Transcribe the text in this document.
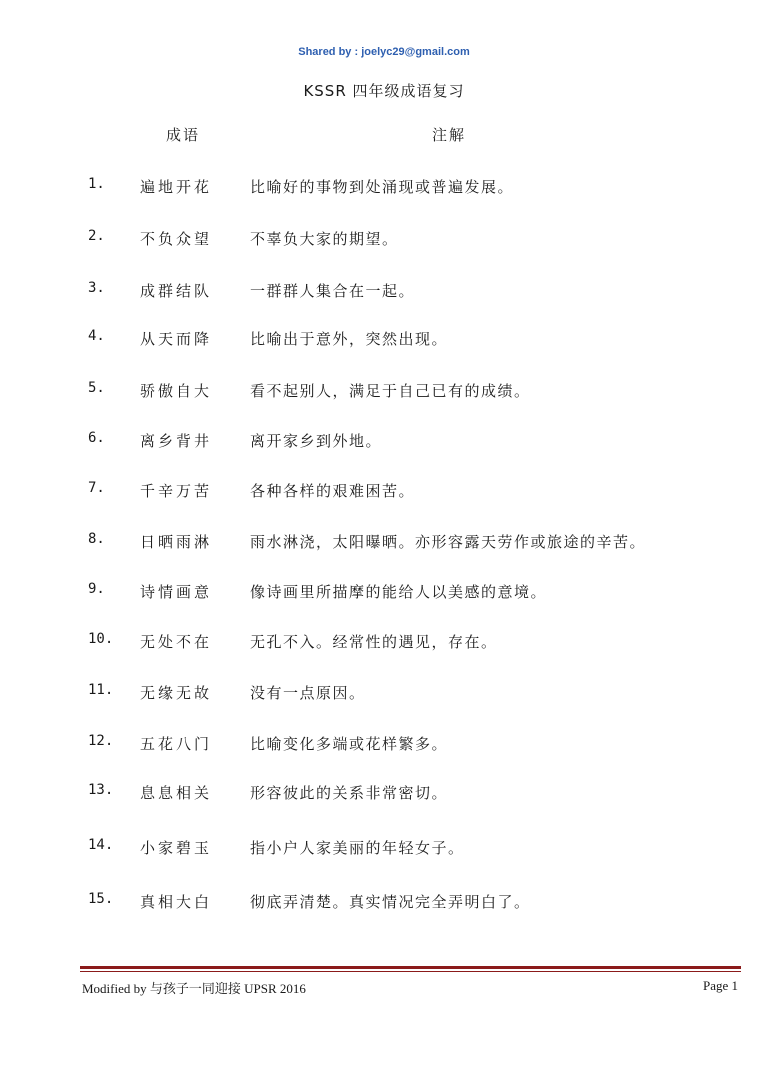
Shared by : joelyc29@gmail.com
KSSR 四年级成语复习
成语	注解
1. 遍地开花	比喻好的事物到处涌现或普遍发展。
2. 不负众望	不辜负大家的期望。
3. 成群结队	一群群人集合在一起。
4. 从天而降	比喻出于意外，突然出现。
5. 骄傲自大	看不起别人，满足于自己已有的成绩。
6. 离乡背井	离开家乡到外地。
7. 千辛万苦	各种各样的艰难困苦。
8. 日晒雨淋	雨水淋浇，太阳曝晒。亦形容露天劳作或旅途的辛苦。
9. 诗情画意	像诗画里所描摩的能给人以美感的意境。
10. 无处不在	无孔不入。经常性的遇见，存在。
11. 无缘无故	没有一点原因。
12. 五花八门	比喻变化多端或花样繁多。
13. 息息相关	形容彼此的关系非常密切。
14. 小家碧玉	指小户人家美丽的年轻女子。
15. 真相大白	彻底弄清楚。真实情况完全弄明白了。
Modified by 与孩子一同迎接 UPSR 2016	Page 1
